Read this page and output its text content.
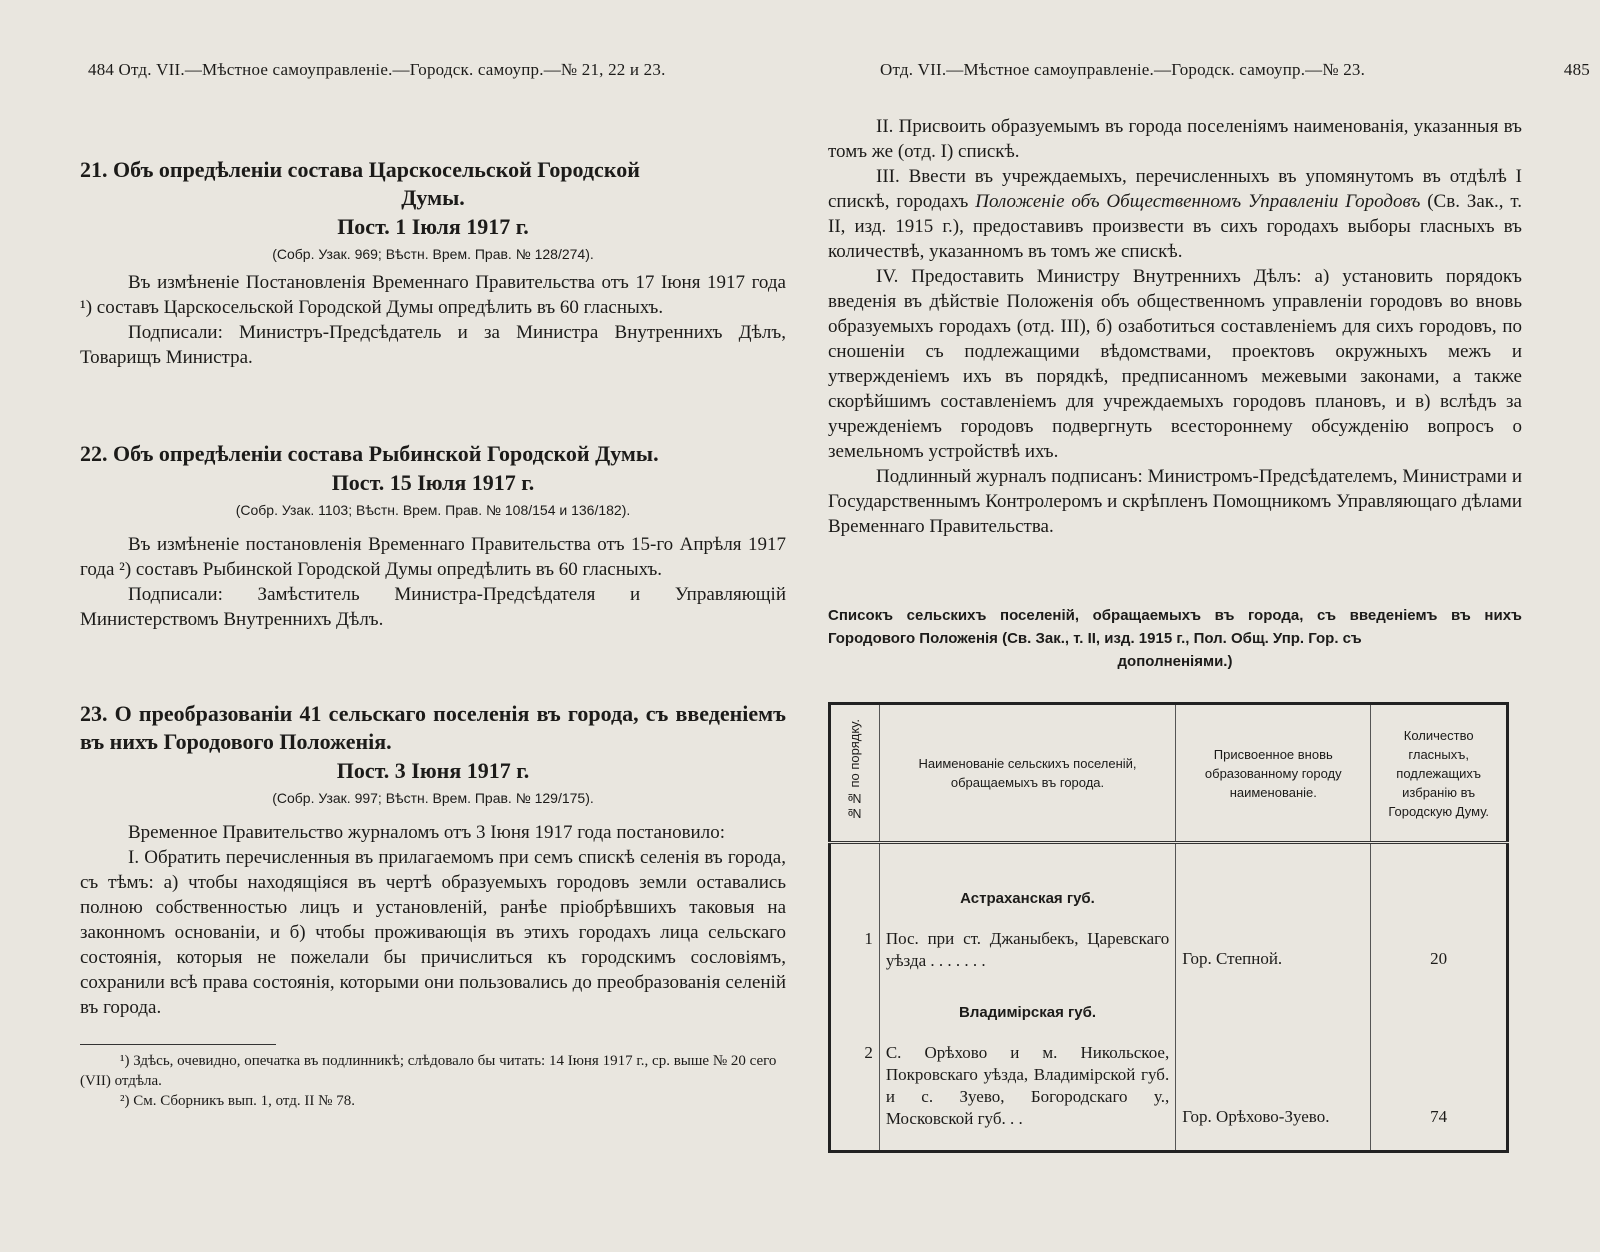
484 Отд. VII.—Мѣстное самоуправленіе.—Городск. самоупр.—№ 21, 22 и 23.
21. Объ опредѣленіи состава Царскосельской Городской
Думы.
Пост. 1 Іюля 1917 г.
(Собр. Узак. 969; Вѣстн. Врем. Прав. № 128/274).

Въ измѣненіе Постановленія Временнаго Правительства отъ 17 Іюня 1917 года ¹) составъ Царскосельской Городской Думы опредѣлить въ 60 гласныхъ.

Подписали: Министръ-Предсѣдатель и за Министра Внутреннихъ Дѣлъ, Товарищъ Министра.

22. Объ опредѣленіи состава Рыбинской Городской Думы.
Пост. 15 Іюля 1917 г.
(Собр. Узак. 1103; Вѣстн. Врем. Прав. № 108/154 и 136/182).

Въ измѣненіе постановленія Временнаго Правительства отъ 15-го Апрѣля 1917 года ²) составъ Рыбинской Городской Думы опредѣлить въ 60 гласныхъ.

Подписали: Замѣститель Министра-Предсѣдателя и Управляющій Министерствомъ Внутреннихъ Дѣлъ.

23. О преобразованіи 41 сельскаго поселенія въ города, съ введеніемъ въ нихъ Городового Положенія.
Пост. 3 Іюня 1917 г.
(Собр. Узак. 997; Вѣстн. Врем. Прав. № 129/175).

Временное Правительство журналомъ отъ 3 Іюня 1917 года постановило:

I. Обратить перечисленныя въ прилагаемомъ при семъ спискѣ селенія въ города, съ тѣмъ: а) чтобы находящіяся въ чертѣ образуемыхъ городовъ земли оставались полною собственностью лицъ и установленій, ранѣе пріобрѣвшихъ таковыя на законномъ основаніи, и б) чтобы проживающія въ этихъ городахъ лица сельскаго состоянія, которыя не пожелали бы причислиться къ городскимъ сословіямъ, сохранили всѣ права состоянія, которыми они пользовались до преобразованія селеній въ города.

¹) Здѣсь, очевидно, опечатка въ подлинникѣ; слѣдовало бы читать: 14 Іюня 1917 г., ср. выше № 20 сего (VII) отдѣла.

²) См. Сборникъ вып. 1, отд. II № 78.

Отд. VII.—Мѣстное самоуправленіе.—Городск. самоупр.—№ 23.	485

II. Присвоить образуемымъ въ города поселеніямъ наименованія, указанныя въ томъ же (отд. I) спискѣ.

III. Ввести въ учреждаемыхъ, перечисленныхъ въ упомянутомъ въ отдѣлѣ I спискѣ, городахъ Положеніе объ Общественномъ Управленіи Городовъ (Св. Зак., т. II, изд. 1915 г.), предоставивъ произвести въ сихъ городахъ выборы гласныхъ въ количествѣ, указанномъ въ томъ же спискѣ.

IV. Предоставить Министру Внутреннихъ Дѣлъ: а) установить порядокъ введенія въ дѣйствіе Положенія объ общественномъ управленіи городовъ во вновь образуемыхъ городахъ (отд. III), б) озаботиться составленіемъ для сихъ городовъ, по сношеніи съ подлежащими вѣдомствами, проектовъ окружныхъ межъ и утвержденіемъ ихъ въ порядкѣ, предписанномъ межевыми законами, а также скорѣйшимъ составленіемъ для учреждаемыхъ городовъ плановъ, и в) вслѣдъ за учрежденіемъ городовъ подвергнуть всестороннему обсужденію вопросъ о земельномъ устройствѣ ихъ.

Подлинный журналъ подписанъ: Министромъ-Предсѣдателемъ, Министрами и Государственнымъ Контролеромъ и скрѣпленъ Помощникомъ Управляющаго дѣлами Временнаго Правительства.

Списокъ сельскихъ поселеній, обращаемыхъ въ города, съ введеніемъ въ нихъ Городового Положенія (Св. Зак., т. II, изд. 1915 г., Пол. Общ. Упр. Гор. съ
дополненіями.)
№№ по порядку.	Наименованіе сельскихъ поселеній, обращаемыхъ въ города.	Присвоенное вновь образованному городу наименованіе.	Количество гласныхъ, подлежащихъ избранію въ Городскую Думу.
	Астраханская губ.		
1	Пос. при ст. Джаныбекъ, Царевскаго уѣзда . . . . . . .	Гор. Степной.	20
	Владимірская губ.		
2	С. Орѣхово и м. Никольское, Покровскаго уѣзда, Владимірской губ. и с. Зуево, Богородскаго у., Московской губ. . .	Гор. Орѣхово-Зуево.	74
